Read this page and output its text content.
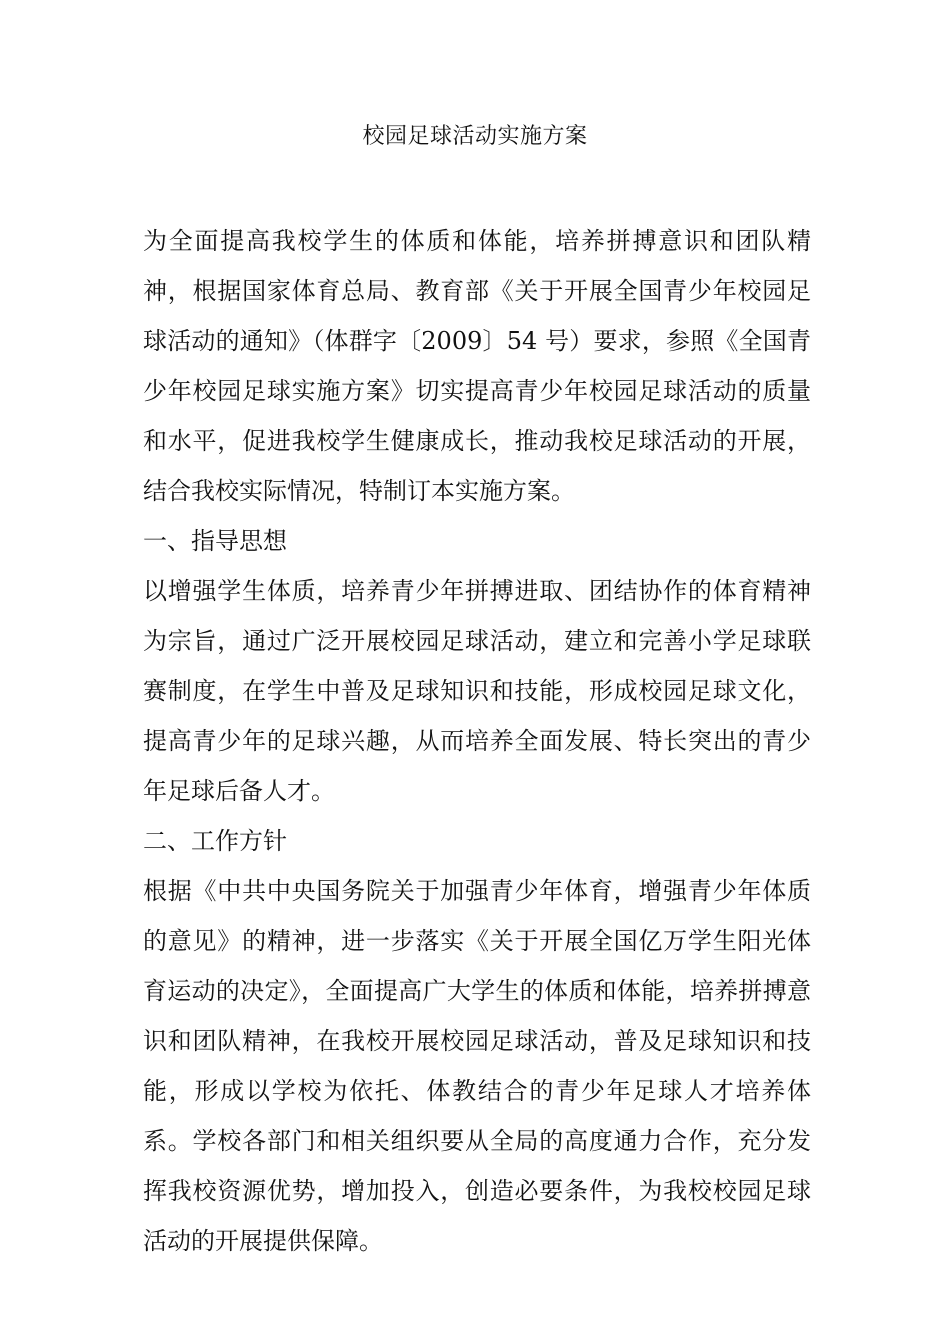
校园足球活动实施方案

为全面提高我校学生的体质和体能，培养拼搏意识和团队精神，根据国家体育总局、教育部《关于开展全国青少年校园足球活动的通知》（体群字〔2009〕54 号）要求，参照《全国青少年校园足球实施方案》切实提高青少年校园足球活动的质量和水平，促进我校学生健康成长，推动我校足球活动的开展，结合我校实际情况，特制订本实施方案。

一、指导思想

以增强学生体质，培养青少年拼搏进取、团结协作的体育精神为宗旨，通过广泛开展校园足球活动，建立和完善小学足球联赛制度，在学生中普及足球知识和技能，形成校园足球文化，提高青少年的足球兴趣，从而培养全面发展、特长突出的青少年足球后备人才。

二、工作方针

根据《中共中央国务院关于加强青少年体育，增强青少年体质的意见》的精神，进一步落实《关于开展全国亿万学生阳光体育运动的决定》，全面提高广大学生的体质和体能，培养拼搏意识和团队精神，在我校开展校园足球活动，普及足球知识和技能，形成以学校为依托、体教结合的青少年足球人才培养体系。学校各部门和相关组织要从全局的高度通力合作，充分发挥我校资源优势，增加投入，创造必要条件，为我校校园足球活动的开展提供保障。
